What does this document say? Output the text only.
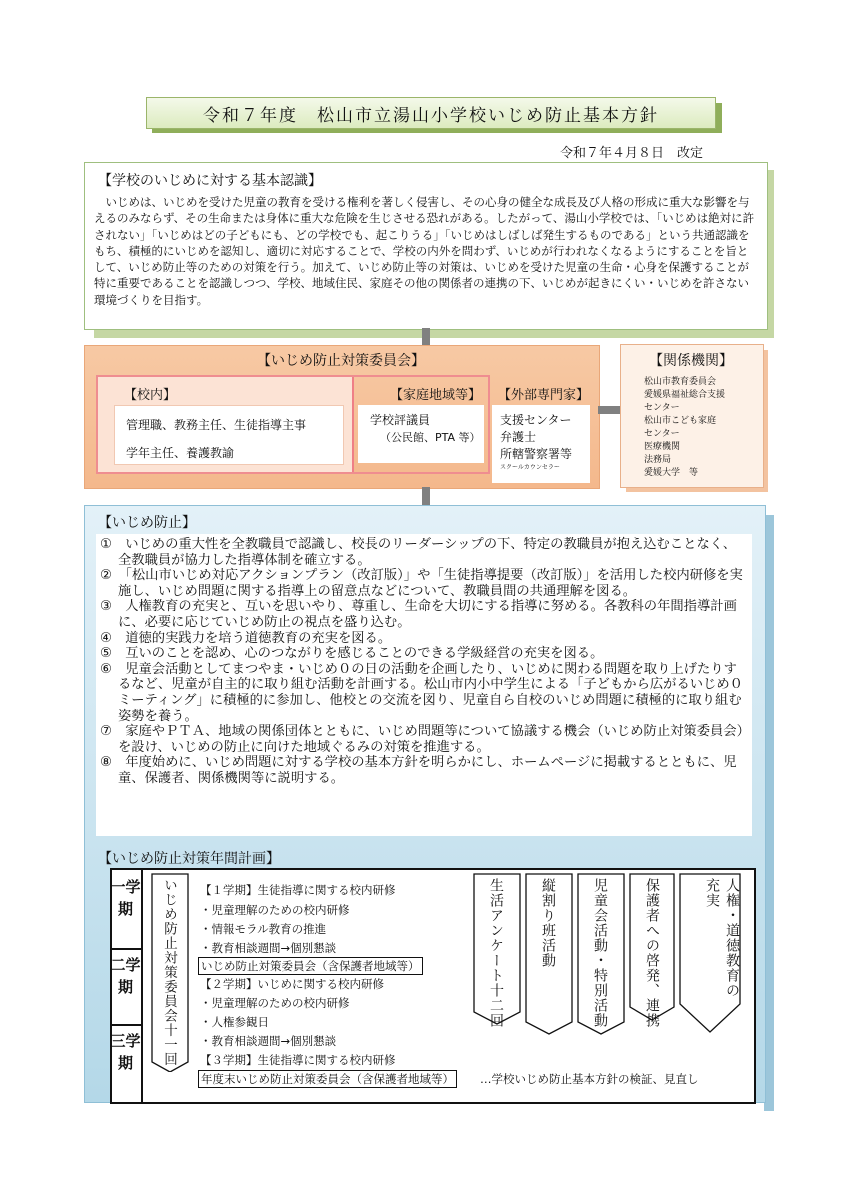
令和７年度　松山市立湯山小学校いじめ防止基本方針
令和７年４月８日　改定
【学校のいじめに対する基本認識】
いじめは、いじめを受けた児童の教育を受ける権利を著しく侵害し、その心身の健全な成長及び人格の形成に重大な影響を与えるのみならず、その生命または身体に重大な危険を生じさせる恐れがある。したがって、湯山小学校では、「いじめは絶対に許されない」「いじめはどの子どもにも、どの学校でも、起こりうる」「いじめはしばしば発生するものである」という共通認識をもち、積極的にいじめを認知し、適切に対応することで、学校の内外を問わず、いじめが行われなくなるようにすることを旨として、いじめ防止等のための対策を行う。加えて、いじめ防止等の対策は、いじめを受けた児童の生命・心身を保護することが特に重要であることを認識しつつ、学校、地域住民、家庭その他の関係者の連携の下、いじめが起きにくい・いじめを許さない環境づくりを目指す。
【いじめ防止対策委員会】
【校内】
管理職、教務主任、生徒指導主事
学年主任、養護教諭
【家庭地域等】
学校評議員
（公民館、PTA 等）
【外部専門家】
支援センター
弁護士
所轄警察署等
スクールカウンセラー
【関係機関】
松山市教育委員会
愛媛県福祉総合支援
センター
松山市こども家庭
センター
医療機関
法務局
愛媛大学　等
【いじめ防止】
①　いじめの重大性を全教職員で認識し、校長のリーダーシップの下、特定の教職員が抱え込むことなく、全教職員が協力した指導体制を確立する。
②　「松山市いじめ対応アクションプラン（改訂版）」や「生徒指導提要（改訂版）」を活用した校内研修を実施し、いじめ問題に関する指導上の留意点などについて、教職員間の共通理解を図る。
③　人権教育の充実と、互いを思いやり、尊重し、生命を大切にする指導に努める。各教科の年間指導計画に、必要に応じていじめ防止の視点を盛り込む。
④　道徳的実践力を培う道徳教育の充実を図る。
⑤　互いのことを認め、心のつながりを感じることのできる学級経営の充実を図る。
⑥　児童会活動としてまつやま・いじめ０の日の活動を企画したり、いじめに関わる問題を取り上げたりするなど、児童が自主的に取り組む活動を計画する。松山市内小中学生による「子どもから広がるいじめ０ミーティング」に積極的に参加し、他校との交流を図り、児童自ら自校のいじめ問題に積極的に取り組む姿勢を養う。
⑦　家庭やＰＴＡ、地域の関係団体とともに、いじめ問題等について協議する機会（いじめ防止対策委員会）を設け、いじめの防止に向けた地域ぐるみの対策を推進する。
⑧　年度始めに、いじめ問題に対する学校の基本方針を明らかにし、ホームページに掲載するとともに、児童、保護者、関係機関等に説明する。
【いじめ防止対策年間計画】
一学期
二学期
三学期	いじめ防止対策委員会十一回	生活アンケート十二回	縦割り班活動	児童会活動・特別活動	保護者への啓発、連携	人権・道徳教育の充実
【１学期】生徒指導に関する校内研修
・児童理解のための校内研修
・情報モラル教育の推進
・教育相談週間→個別懇談
いじめ防止対策委員会（含保護者地域等）
【２学期】いじめに関する校内研修
・児童理解のための校内研修
・人権参観日
・教育相談週間→個別懇談
【３学期】生徒指導に関する校内研修
年度末いじめ防止対策委員会（含保護者地域等） …学校いじめ防止基本方針の検証、見直し
